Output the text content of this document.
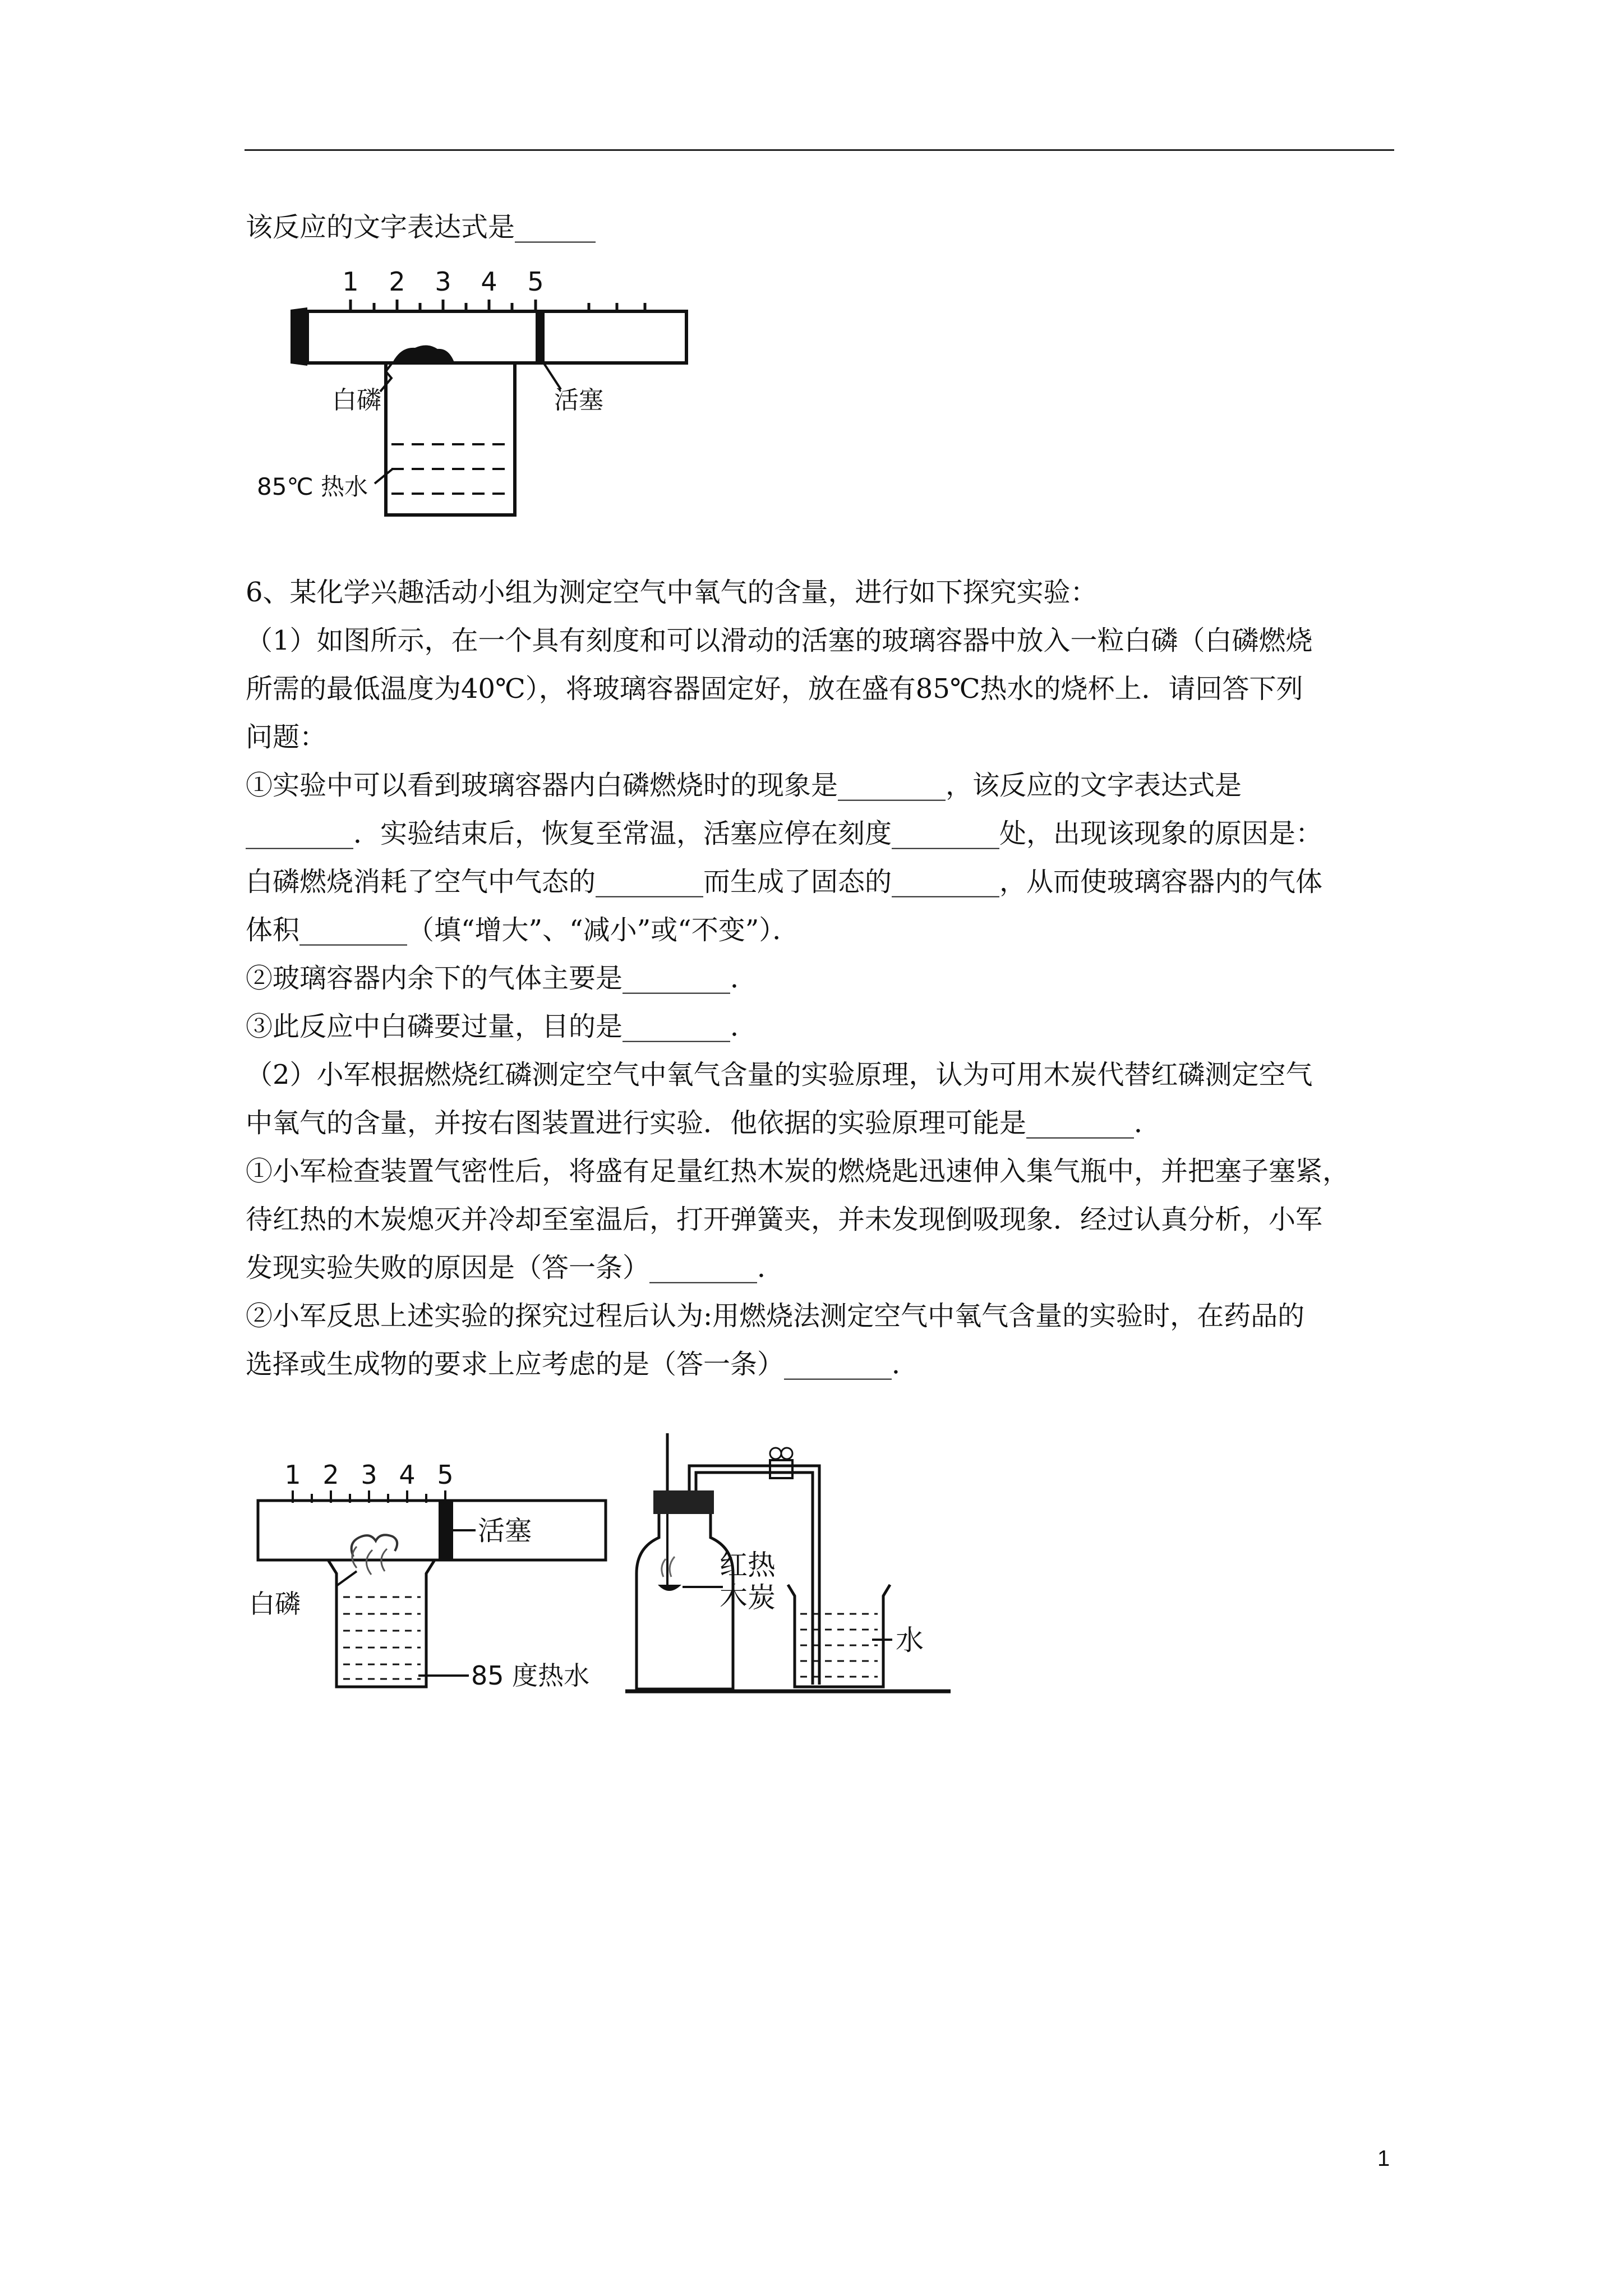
该反应的文字表达式是______
1 2 3 4 5
白磷	活塞
85℃ 热水
6、某化学兴趣活动小组为测定空气中氧气的含量，进行如下探究实验：
（1）如图所示，在一个具有刻度和可以滑动的活塞的玻璃容器中放入一粒白磷（白磷燃烧
所需的最低温度为40℃），将玻璃容器固定好，放在盛有85℃热水的烧杯上．请回答下列
问题：
①实验中可以看到玻璃容器内白磷燃烧时的现象是________，该反应的文字表达式是
________．实验结束后，恢复至常温，活塞应停在刻度________处，出现该现象的原因是：
白磷燃烧消耗了空气中气态的________而生成了固态的________，从而使玻璃容器内的气体
体积________（填“增大”、“减小”或“不变”）．
②玻璃容器内余下的气体主要是________．
③此反应中白磷要过量，目的是________．
（2）小军根据燃烧红磷测定空气中氧气含量的实验原理，认为可用木炭代替红磷测定空气
中氧气的含量，并按右图装置进行实验．他依据的实验原理可能是________．
①小军检查装置气密性后，将盛有足量红热木炭的燃烧匙迅速伸入集气瓶中，并把塞子塞紧，
待红热的木炭熄灭并冷却至室温后，打开弹簧夹，并未发现倒吸现象．经过认真分析，小军
发现实验失败的原因是（答一条）________．
②小军反思上述实验的探究过程后认为:用燃烧法测定空气中氧气含量的实验时，在药品的
选择或生成物的要求上应考虑的是（答一条）________．
1 2 3 4 5
活塞
白磷
85 度热水
红热
木炭
水
1
